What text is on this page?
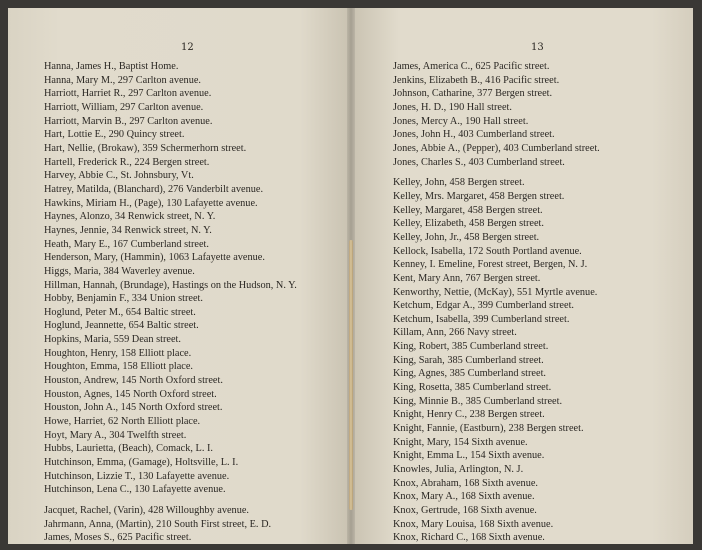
12
Hanna, James H., Baptist Home.
Hanna, Mary M., 297 Carlton avenue.
Harriott, Harriet R., 297 Carlton avenue.
Harriott, William, 297 Carlton avenue.
Harriott, Marvin B., 297 Carlton avenue.
Hart, Lottie E., 290 Quincy street.
Hart, Nellie, (Brokaw), 359 Schermerhorn street.
Hartell, Frederick R., 224 Bergen street.
Harvey, Abbie C., St. Johnsbury, Vt.
Hatrey, Matilda, (Blanchard), 276 Vanderbilt avenue.
Hawkins, Miriam H., (Page), 130 Lafayette avenue.
Haynes, Alonzo, 34 Renwick street, N. Y.
Haynes, Jennie, 34 Renwick street, N. Y.
Heath, Mary E., 167 Cumberland street.
Henderson, Mary, (Hammin), 1063 Lafayette avenue.
Higgs, Maria, 384 Waverley avenue.
Hillman, Hannah, (Brundage), Hastings on the Hudson, N. Y.
Hobby, Benjamin F., 334 Union street.
Hoglund, Peter M., 654 Baltic street.
Hoglund, Jeannette, 654 Baltic street.
Hopkins, Maria, 559 Dean street.
Houghton, Henry, 158 Elliott place.
Houghton, Emma, 158 Elliott place.
Houston, Andrew, 145 North Oxford street.
Houston, Agnes, 145 North Oxford street.
Houston, John A., 145 North Oxford street.
Howe, Harriet, 62 North Elliott place.
Hoyt, Mary A., 304 Twelfth street.
Hubbs, Laurietta, (Beach), Comack, L. I.
Hutchinson, Emma, (Gamage), Holtsville, L. I.
Hutchinson, Lizzie T., 130 Lafayette avenue.
Hutchinson, Lena C., 130 Lafayette avenue.
Jacquet, Rachel, (Varin), 428 Willoughby avenue.
Jahrmann, Anna, (Martin), 210 South First street, E. D.
James, Moses S., 625 Pacific street.
13
James, America C., 625 Pacific street.
Jenkins, Elizabeth B., 416 Pacific street.
Johnson, Catharine, 377 Bergen street.
Jones, H. D., 190 Hall street.
Jones, Mercy A., 190 Hall street.
Jones, John H., 403 Cumberland street.
Jones, Abbie A., (Pepper), 403 Cumberland street.
Jones, Charles S., 403 Cumberland street.
Kelley, John, 458 Bergen street.
Kelley, Mrs. Margaret, 458 Bergen street.
Kelley, Margaret, 458 Bergen street.
Kelley, Elizabeth, 458 Bergen street.
Kelley, John, Jr., 458 Bergen street.
Kellock, Isabella, 172 South Portland avenue.
Kenney, I. Emeline, Forest street, Bergen, N. J.
Kent, Mary Ann, 767 Bergen street.
Kenworthy, Nettie, (McKay), 551 Myrtle avenue.
Ketchum, Edgar A., 399 Cumberland street.
Ketchum, Isabella, 399 Cumberland street.
Killam, Ann, 266 Navy street.
King, Robert, 385 Cumberland street.
King, Sarah, 385 Cumberland street.
King, Agnes, 385 Cumberland street.
King, Rosetta, 385 Cumberland street.
King, Minnie B., 385 Cumberland street.
Knight, Henry C., 238 Bergen street.
Knight, Fannie, (Eastburn), 238 Bergen street.
Knight, Mary, 154 Sixth avenue.
Knight, Emma L., 154 Sixth avenue.
Knowles, Julia, Arlington, N. J.
Knox, Abraham, 168 Sixth avenue.
Knox, Mary A., 168 Sixth avenue.
Knox, Gertrude, 168 Sixth avenue.
Knox, Mary Louisa, 168 Sixth avenue.
Knox, Richard C., 168 Sixth avenue.
